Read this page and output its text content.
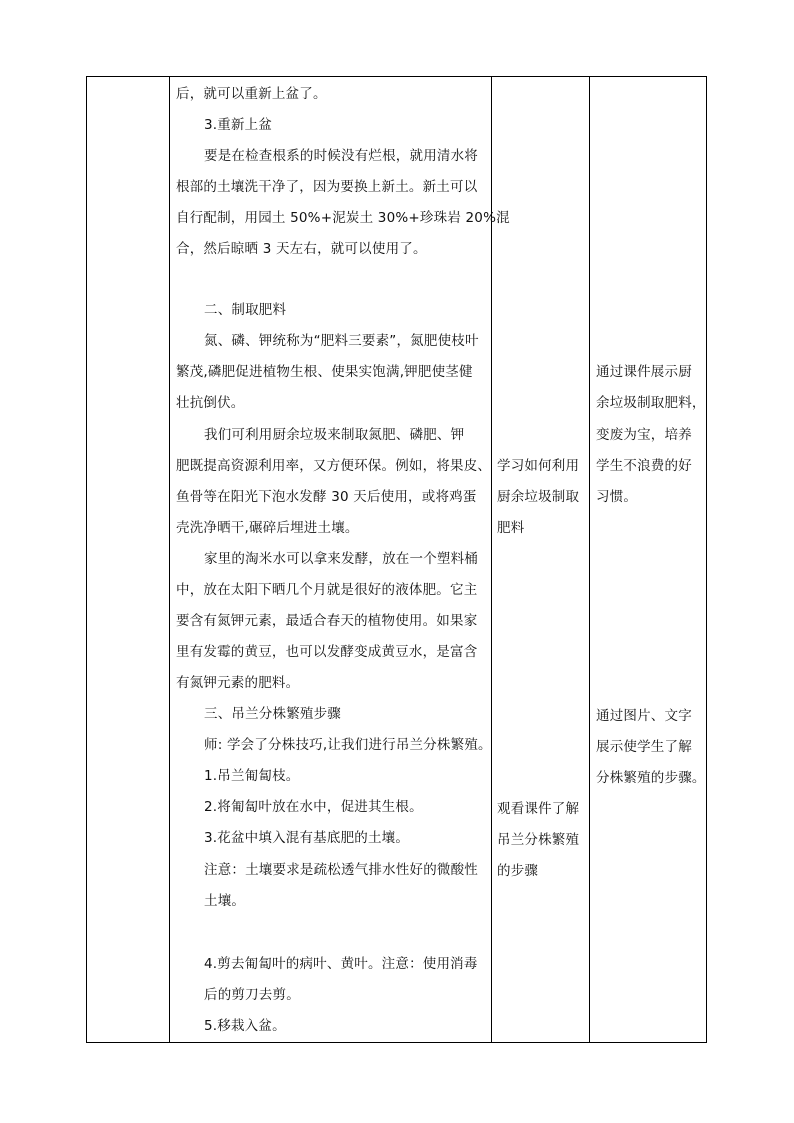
后，就可以重新上盆了。
3.重新上盆
要是在检查根系的时候没有烂根，就用清水将
根部的土壤洗干净了，因为要换上新土。新土可以
自行配制，用园土 50%+泥炭土 30%+珍珠岩 20%混
合，然后晾晒 3 天左右，就可以使用了。
二、制取肥料
氮、磷、钾统称为“肥料三要素”，氮肥使枝叶
繁茂,磷肥促进植物生根、使果实饱满,钾肥使茎健
壮抗倒伏。
我们可利用厨余垃圾来制取氮肥、磷肥、钾
肥既提高资源利用率，又方便环保。例如，将果皮、
鱼骨等在阳光下泡水发酵 30 天后使用，或将鸡蛋
壳洗净晒干,碾碎后埋进土壤。
家里的淘米水可以拿来发酵，放在一个塑料桶
中，放在太阳下晒几个月就是很好的液体肥。它主
要含有氮钾元素，最适合春天的植物使用。如果家
里有发霉的黄豆，也可以发酵变成黄豆水，是富含
有氮钾元素的肥料。
三、吊兰分株繁殖步骤
师: 学会了分株技巧,让我们进行吊兰分株繁殖。
1.吊兰匍匐枝。
2.将匍匐叶放在水中，促进其生根。
3.花盆中填入混有基底肥的土壤。
注意：土壤要求是疏松透气排水性好的微酸性
土壤。
4.剪去匍匐叶的病叶、黄叶。注意：使用消毒
后的剪刀去剪。
5.移栽入盆。
学习如何利用
厨余垃圾制取
肥料
观看课件了解
吊兰分株繁殖
的步骤
通过课件展示厨
余垃圾制取肥料，
变废为宝，培养
学生不浪费的好
习惯。
通过图片、文字
展示使学生了解
分株繁殖的步骤。
